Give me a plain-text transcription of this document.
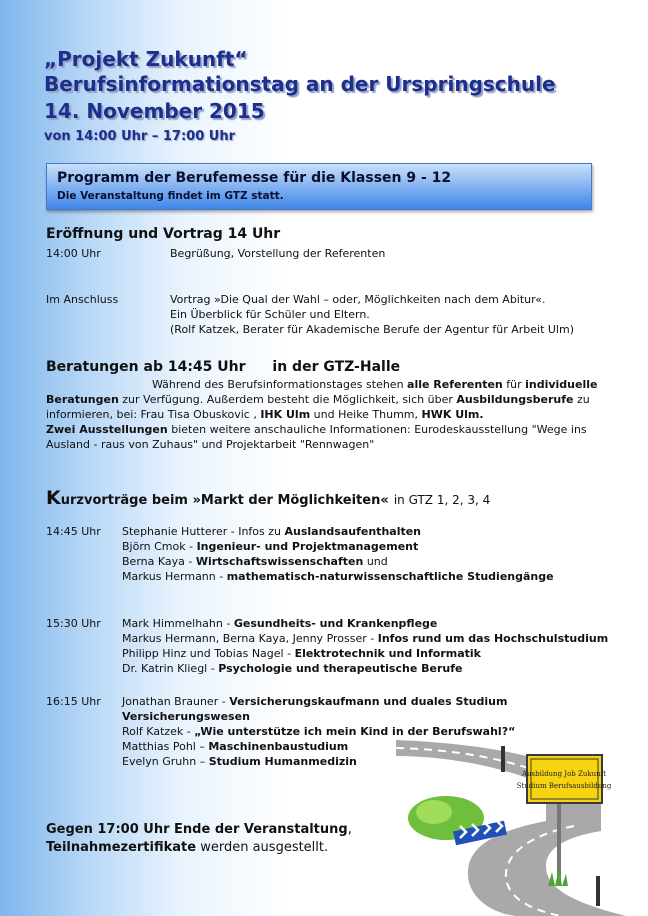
„Projekt Zukunft“
Berufsinformationstag an der Urspringschule
14. November 2015
von 14:00 Uhr – 17:00 Uhr
Programm der Berufemesse für die Klassen 9 - 12
Die Veranstaltung findet im GTZ statt.
Eröffnung und Vortrag 14 Uhr
14:00 Uhr	Begrüßung, Vorstellung der Referenten
Im Anschluss	Vortrag »Die Qual der Wahl – oder, Möglichkeiten nach dem Abitur«.
Ein Überblick für Schüler und Eltern.
(Rolf Katzek, Berater für Akademische Berufe der Agentur für Arbeit Ulm)
Beratungen ab 14:45 Uhr in der GTZ-Halle
Während des Berufsinformationstages stehen alle Referenten für individuelle
Beratungen zur Verfügung. Außerdem besteht die Möglichkeit, sich über Ausbildungsberufe zu
informieren, bei: Frau Tisa Obuskovic , IHK Ulm und Heike Thumm, HWK Ulm.
Zwei Ausstellungen bieten weitere anschauliche Informationen: Eurodeskausstellung "Wege ins
Ausland - raus von Zuhaus" und Projektarbeit "Rennwagen"
Kurzvorträge beim »Markt der Möglichkeiten« in GTZ 1, 2, 3, 4
14:45 Uhr Stephanie Hutterer - Infos zu Auslandsaufenthalten
Björn Cmok - Ingenieur- und Projektmanagement
Berna Kaya - Wirtschaftswissenschaften und
Markus Hermann - mathematisch-naturwissenschaftliche Studiengänge
15:30 Uhr Mark Himmelhahn - Gesundheits- und Krankenpflege
Markus Hermann, Berna Kaya, Jenny Prosser - Infos rund um das Hochschulstudium
Philipp Hinz und Tobias Nagel - Elektrotechnik und Informatik
Dr. Katrin Kliegl - Psychologie und therapeutische Berufe
16:15 Uhr Jonathan Brauner - Versicherungskaufmann und duales Studium
Versicherungswesen
Rolf Katzek - „Wie unterstütze ich mein Kind in der Berufswahl?“
Matthias Pohl – Maschinenbaustudium
Evelyn Gruhn – Studium Humanmedizin
Ausbildung Job Zukunft
Studium Berufsausbildung
Gegen 17:00 Uhr Ende der Veranstaltung,
Teilnahmezertifikate werden ausgestellt.
